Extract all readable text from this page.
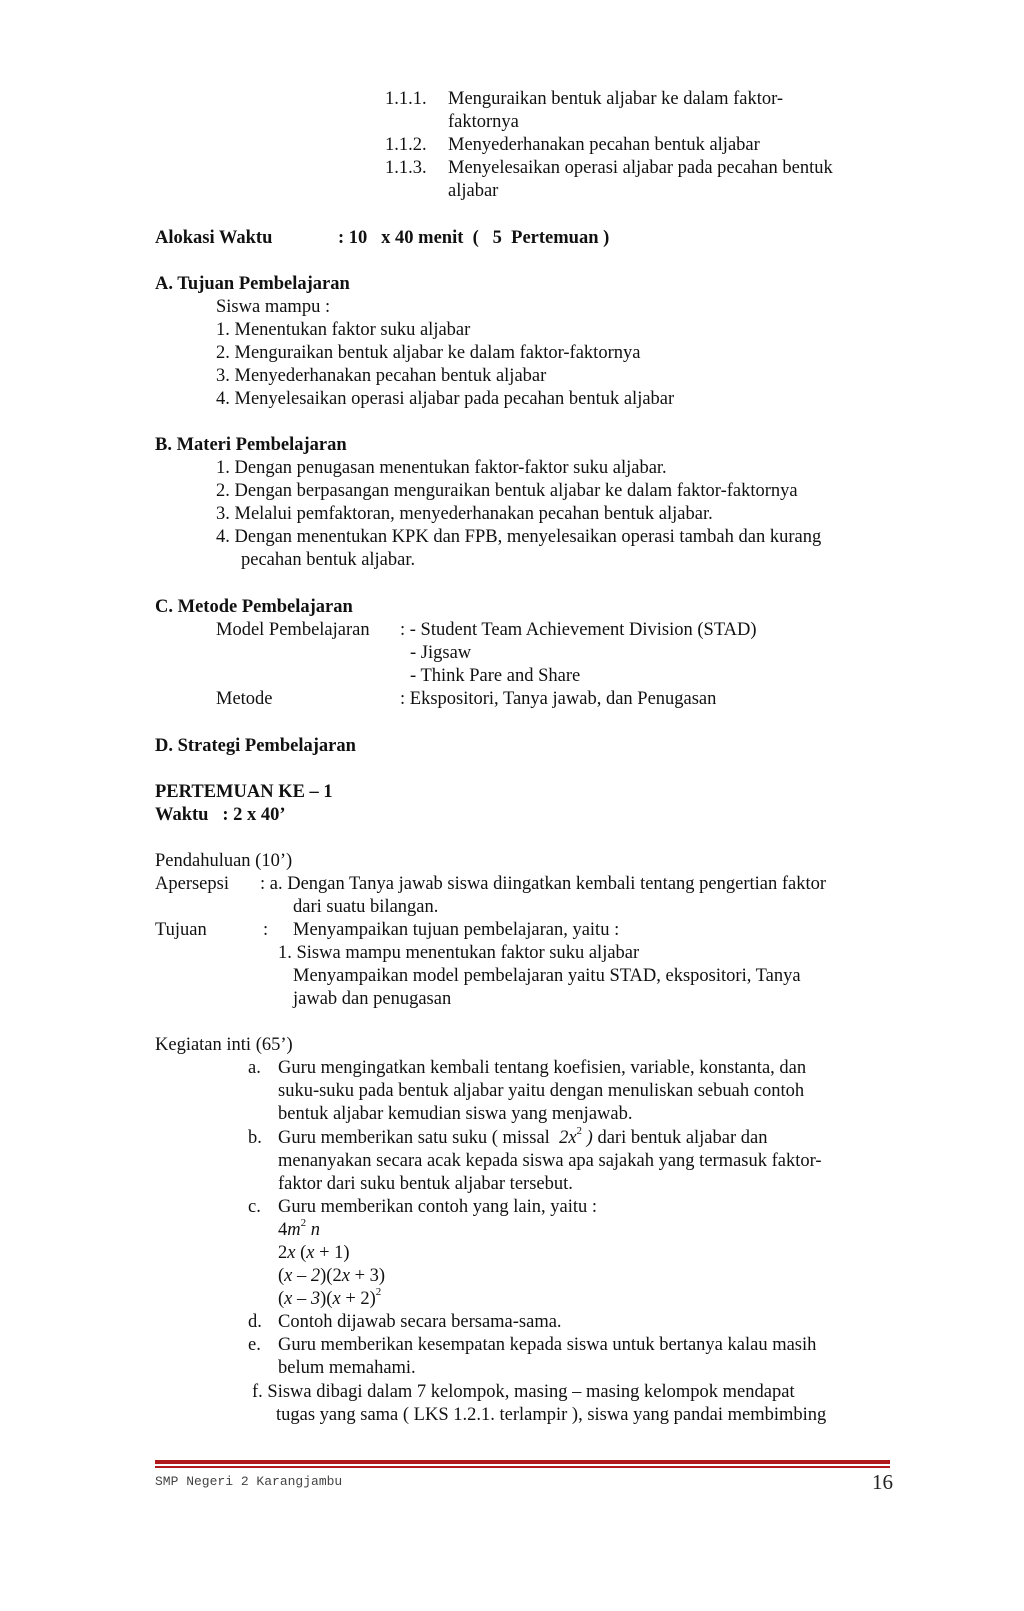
1.1.1. Menguraikan bentuk aljabar ke dalam faktor-
faktornya
1.1.2. Menyederhanakan pecahan bentuk aljabar
1.1.3. Menyelesaikan operasi aljabar pada pecahan bentuk
aljabar
Alokasi Waktu	: 10   x 40 menit  (   5  Pertemuan )
A. Tujuan Pembelajaran
Siswa mampu :
1. Menentukan faktor suku aljabar
2. Menguraikan bentuk aljabar ke dalam faktor-faktornya
3. Menyederhanakan pecahan bentuk aljabar
4. Menyelesaikan operasi aljabar pada pecahan bentuk aljabar
B. Materi Pembelajaran
1. Dengan penugasan menentukan faktor-faktor suku aljabar.
2. Dengan berpasangan menguraikan bentuk aljabar ke dalam faktor-faktornya
3. Melalui pemfaktoran, menyederhanakan pecahan bentuk aljabar.
4. Dengan menentukan KPK dan FPB, menyelesaikan operasi tambah dan kurang
pecahan bentuk aljabar.
C. Metode Pembelajaran
Model Pembelajaran : - Student Team Achievement Division (STAD)
- Jigsaw
- Think Pare and Share
Metode	: Ekspositori, Tanya jawab, dan Penugasan
D. Strategi Pembelajaran
PERTEMUAN KE – 1
Waktu   : 2 x 40’
Pendahuluan (10’)
Apersepsi : a. Dengan Tanya jawab siswa diingatkan kembali tentang pengertian faktor
dari suatu bilangan.
Tujuan	: Menyampaikan tujuan pembelajaran, yaitu :
1. Siswa mampu menentukan faktor suku aljabar
Menyampaikan model pembelajaran yaitu STAD, ekspositori, Tanya
jawab dan penugasan
Kegiatan inti (65’)
a. Guru mengingatkan kembali tentang koefisien, variable, konstanta, dan
suku-suku pada bentuk aljabar yaitu dengan menuliskan sebuah contoh
bentuk aljabar kemudian siswa yang menjawab.
b. Guru memberikan satu suku ( missal  $2x^2$ ) dari bentuk aljabar dan
menanyakan secara acak kepada siswa apa sajakah yang termasuk faktor-
faktor dari suku bentuk aljabar tersebut.
c. Guru memberikan contoh yang lain, yaitu :
$4m^2$ n
2x (x + 1)
(x – 2)(2x + 3)
$(x - 3)(x + 2)^2$
d. Contoh dijawab secara bersama-sama.
e. Guru memberikan kesempatan kepada siswa untuk bertanya kalau masih
belum memahami.
f. Siswa dibagi dalam 7 kelompok, masing – masing kelompok mendapat
tugas yang sama ( LKS 1.2.1. terlampir ), siswa yang pandai membimbing
SMP Negeri 2 Karangjambu	16
